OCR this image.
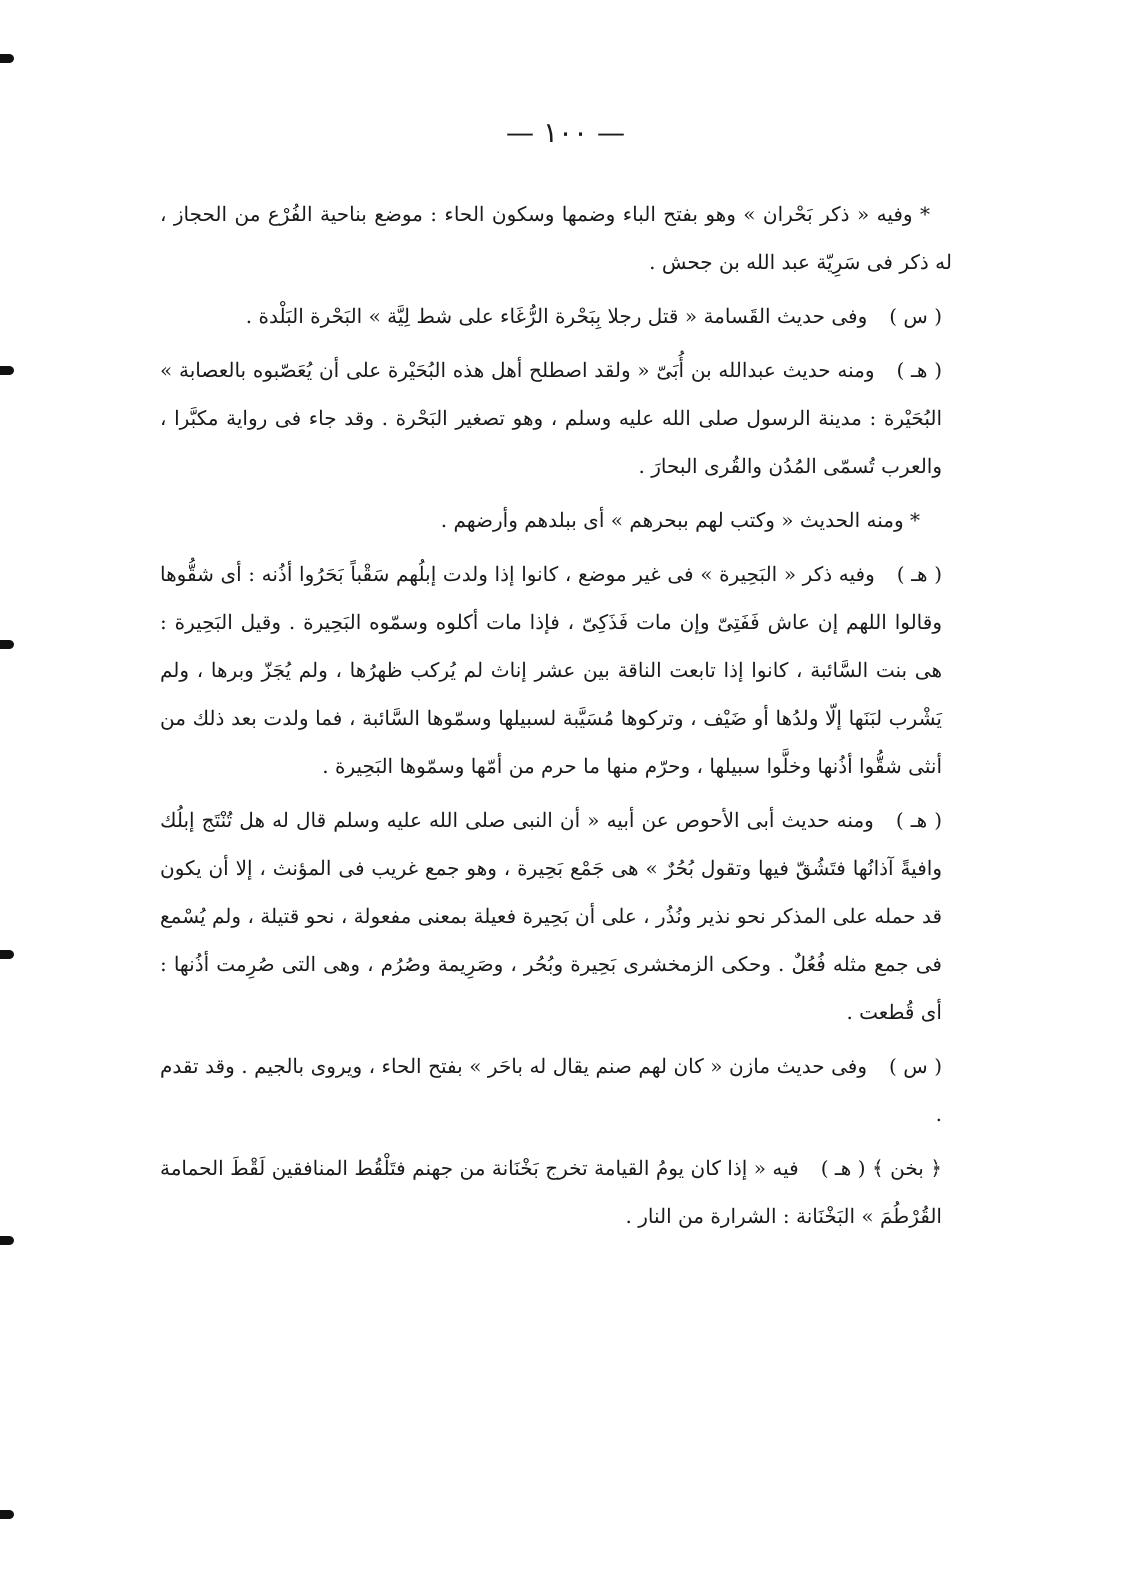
— ١٠٠ —

* وفيه « ذكر بَحْران » وهو بفتح الباء وضمها وسكون الحاء : موضع بناحية الفُرْع من الحجاز ، له ذكر فى سَرِيّة عبد الله بن جحش .

( س )وفى حديث القَسامة « قتل رجلا بِبَحْرة الرُّغَاء على شط لِيَّة » البَحْرة البَلْدة .

( هـ )ومنه حديث عبدالله بن أُبَىّ « ولقد اصطلح أهل هذه البُحَيْرة على أن يُعَصّبوه بالعصابة » البُحَيْرة : مدينة الرسول صلى الله عليه وسلم ، وهو تصغير البَحْرة . وقد جاء فى رواية مكبَّرا ، والعرب تُسمّى المُدُن والقُرى البحارَ .

* ومنه الحديث « وكتب لهم ببحرهم » أى ببلدهم وأرضهم .

( هـ )وفيه ذكر « البَحِيرة » فى غير موضع ، كانوا إذا ولدت إبلُهم سَقْباً بَحَرُوا أذُنه : أى شقُّوها وقالوا اللهم إن عاش فَفَتِىّ وإن مات فَذَكِىّ ، فإذا مات أكلوه وسمّوه البَحِيرة . وقيل البَحِيرة : هى بنت السَّائبة ، كانوا إذا تابعت الناقة بين عشر إناث لم يُركب ظهرُها ، ولم يُجَزّ وبرها ، ولم يَشْرب لبَنَها إلّا ولدُها أو ضَيْف ، وتركوها مُسَيَّبة لسبيلها وسمّوها السَّائبة ، فما ولدت بعد ذلك من أنثى شقُّوا أذُنها وخلَّوا سبيلها ، وحرّم منها ما حرم من أمّها وسمّوها البَحِيرة .

( هـ )ومنه حديث أبى الأحوص عن أبيه « أن النبى صلى الله عليه وسلم قال له هل تُنْتَج إبلُك وافيةً آذانُها فتَشُقّ فيها وتقول بُحُرٌ » هى جَمْع بَحِيرة ، وهو جمع غريب فى المؤنث ، إلا أن يكون قد حمله على المذكر نحو نذير ونُذُر ، على أن بَحِيرة فعيلة بمعنى مفعولة ، نحو قتيلة ، ولم يُسْمع فى جمع مثله فُعُلٌ . وحكى الزمخشرى بَحِيرة وبُحُر ، وصَرِيمة وصُرُم ، وهى التى صُرِمت أذُنها : أى قُطعت .

( س )وفى حديث مازن « كان لهم صنم يقال له باحَر » بفتح الحاء ، ويروى بالجيم . وقد تقدم .

﴿ بخن ﴾ ( هـ )فيه « إذا كان يومُ القيامة تخرج بَخْنَانة من جهنم فتَلْقُط المنافقين لَقْطَ الحمامة القُرْطُمَ » البَخْنَانة : الشرارة من النار .
